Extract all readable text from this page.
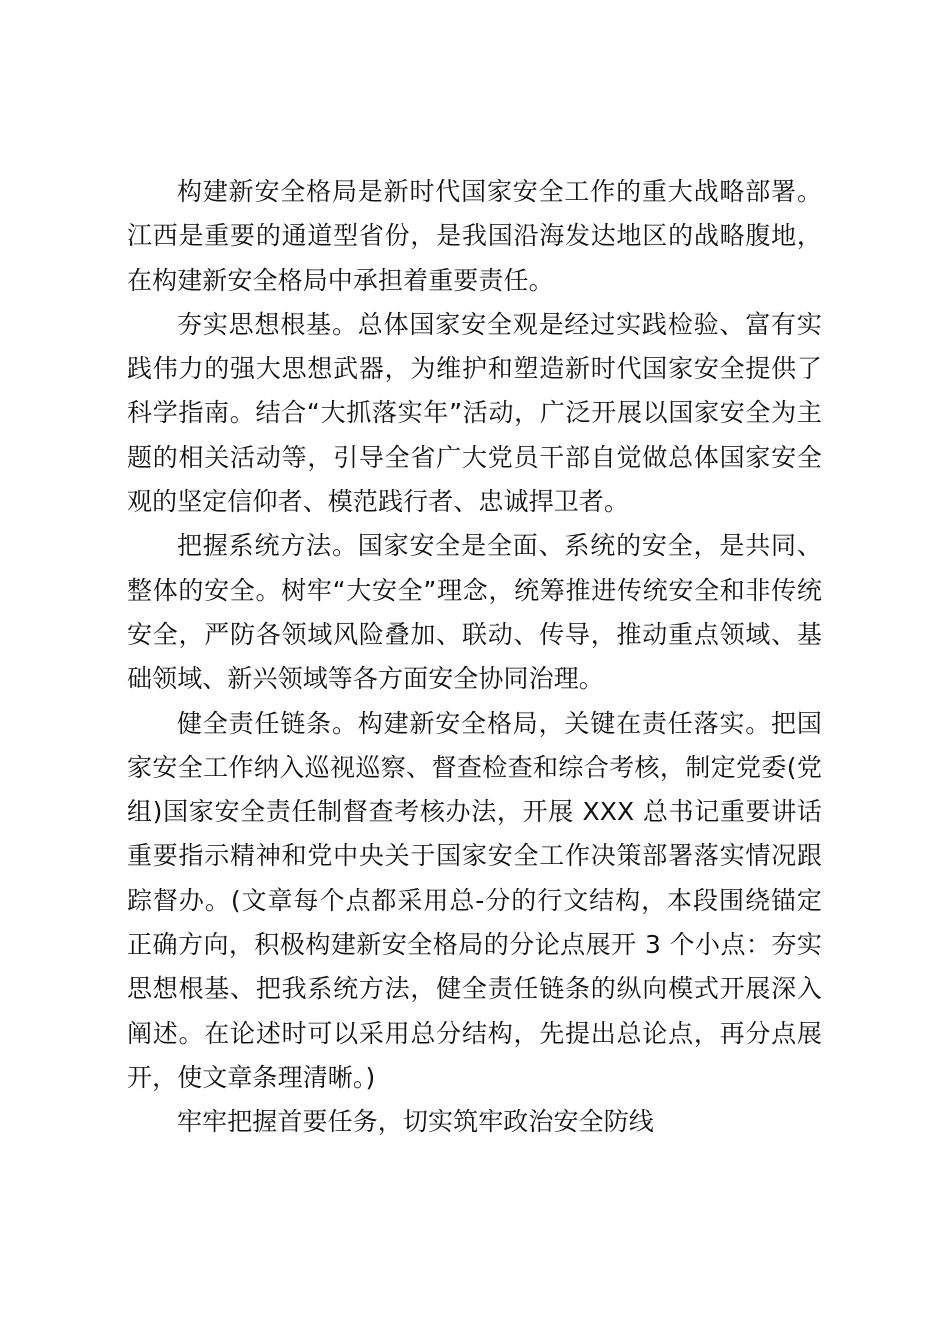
构建新安全格局是新时代国家安全工作的重大战略部署。江西是重要的通道型省份，是我国沿海发达地区的战略腹地，在构建新安全格局中承担着重要责任。

夯实思想根基。总体国家安全观是经过实践检验、富有实践伟力的强大思想武器，为维护和塑造新时代国家安全提供了科学指南。结合“大抓落实年”活动，广泛开展以国家安全为主题的相关活动等，引导全省广大党员干部自觉做总体国家安全观的坚定信仰者、模范践行者、忠诚捍卫者。

把握系统方法。国家安全是全面、系统的安全，是共同、整体的安全。树牢“大安全”理念，统筹推进传统安全和非传统安全，严防各领域风险叠加、联动、传导，推动重点领域、基础领域、新兴领域等各方面安全协同治理。

健全责任链条。构建新安全格局，关键在责任落实。把国家安全工作纳入巡视巡察、督查检查和综合考核，制定党委(党组)国家安全责任制督查考核办法，开展 XXX 总书记重要讲话重要指示精神和党中央关于国家安全工作决策部署落实情况跟踪督办。(文章每个点都采用总-分的行文结构，本段围绕锚定正确方向，积极构建新安全格局的分论点展开 3 个小点：夯实思想根基、把我系统方法，健全责任链条的纵向模式开展深入阐述。在论述时可以采用总分结构，先提出总论点，再分点展开，使文章条理清晰。)

牢牢把握首要任务，切实筑牢政治安全防线
